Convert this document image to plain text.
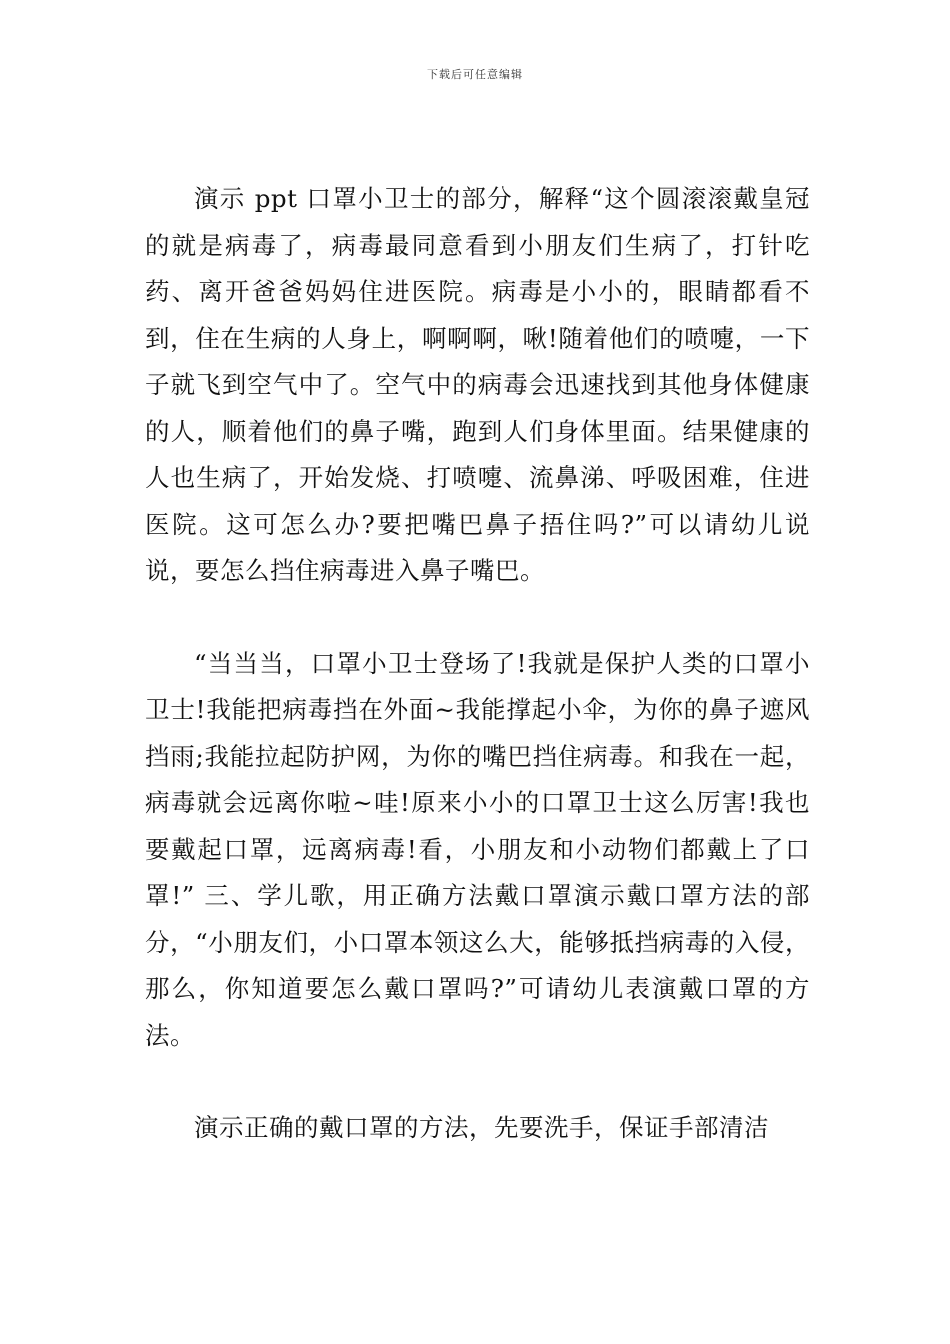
下载后可任意编辑

演示 ppt 口罩小卫士的部分，解释“这个圆滚滚戴皇冠的就是病毒了，病毒最同意看到小朋友们生病了，打针吃药、离开爸爸妈妈住进医院。病毒是小小的，眼睛都看不到，住在生病的人身上，啊啊啊，啾!随着他们的喷嚏，一下子就飞到空气中了。空气中的病毒会迅速找到其他身体健康的人，顺着他们的鼻子嘴，跑到人们身体里面。结果健康的人也生病了，开始发烧、打喷嚏、流鼻涕、呼吸困难，住进医院。这可怎么办?要把嘴巴鼻子捂住吗?”可以请幼儿说说，要怎么挡住病毒进入鼻子嘴巴。

“当当当，口罩小卫士登场了!我就是保护人类的口罩小卫士!我能把病毒挡在外面~我能撑起小伞，为你的鼻子遮风挡雨;我能拉起防护网，为你的嘴巴挡住病毒。和我在一起，病毒就会远离你啦~哇!原来小小的口罩卫士这么厉害!我也要戴起口罩，远离病毒!看，小朋友和小动物们都戴上了口罩!” 三、学儿歌，用正确方法戴口罩演示戴口罩方法的部分，“小朋友们，小口罩本领这么大，能够抵挡病毒的入侵，那么，你知道要怎么戴口罩吗?”可请幼儿表演戴口罩的方法。

演示正确的戴口罩的方法，先要洗手，保证手部清洁
